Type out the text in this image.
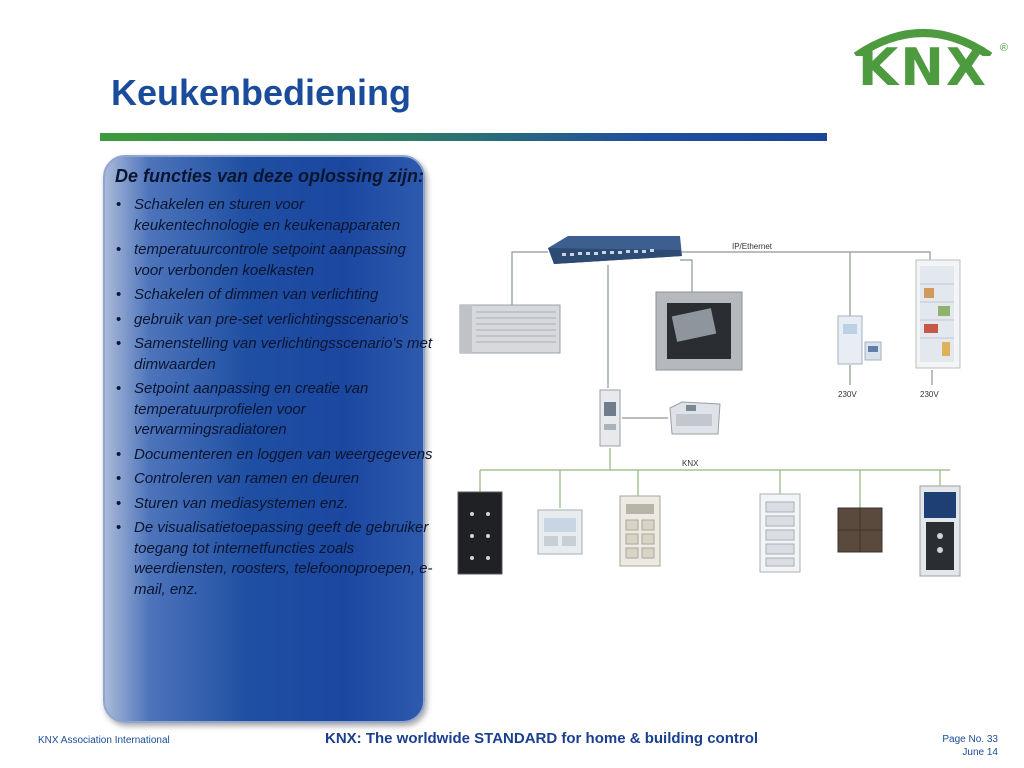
Keukenbediening	KNX	®

De functies van deze oplossing zijn:

• Schakelen en sturen voor keukentechnologie en keukenapparaten
• temperatuurcontrole setpoint aanpassing voor verbonden koelkasten
• Schakelen of dimmen van verlichting
• gebruik van pre-set verlichtingsscenario's
• Samenstelling van verlichtingsscenario's met dimwaarden
• Setpoint aanpassing en creatie van temperatuurprofielen voor verwarmingsradiatoren
• Documenteren en loggen van weergegevens
• Controleren van ramen en deuren
• Sturen van mediasystemen enz.
• De visualisatietoepassing geeft de gebruiker toegang tot internetfuncties zoals weerdiensten, roosters, telefoonoproepen, e-mail, enz.
IP/Ethernet
230V	230V
KNX
KNX Association International	KNX: The worldwide STANDARD for home & building control	Page No. 33
June 14
